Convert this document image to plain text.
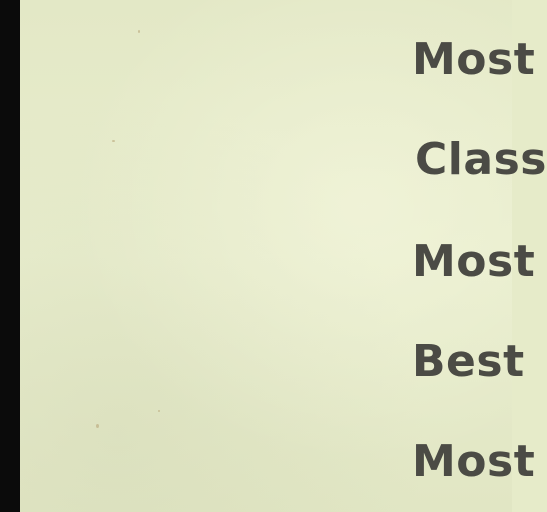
Most
Class
Most
Best
Most
